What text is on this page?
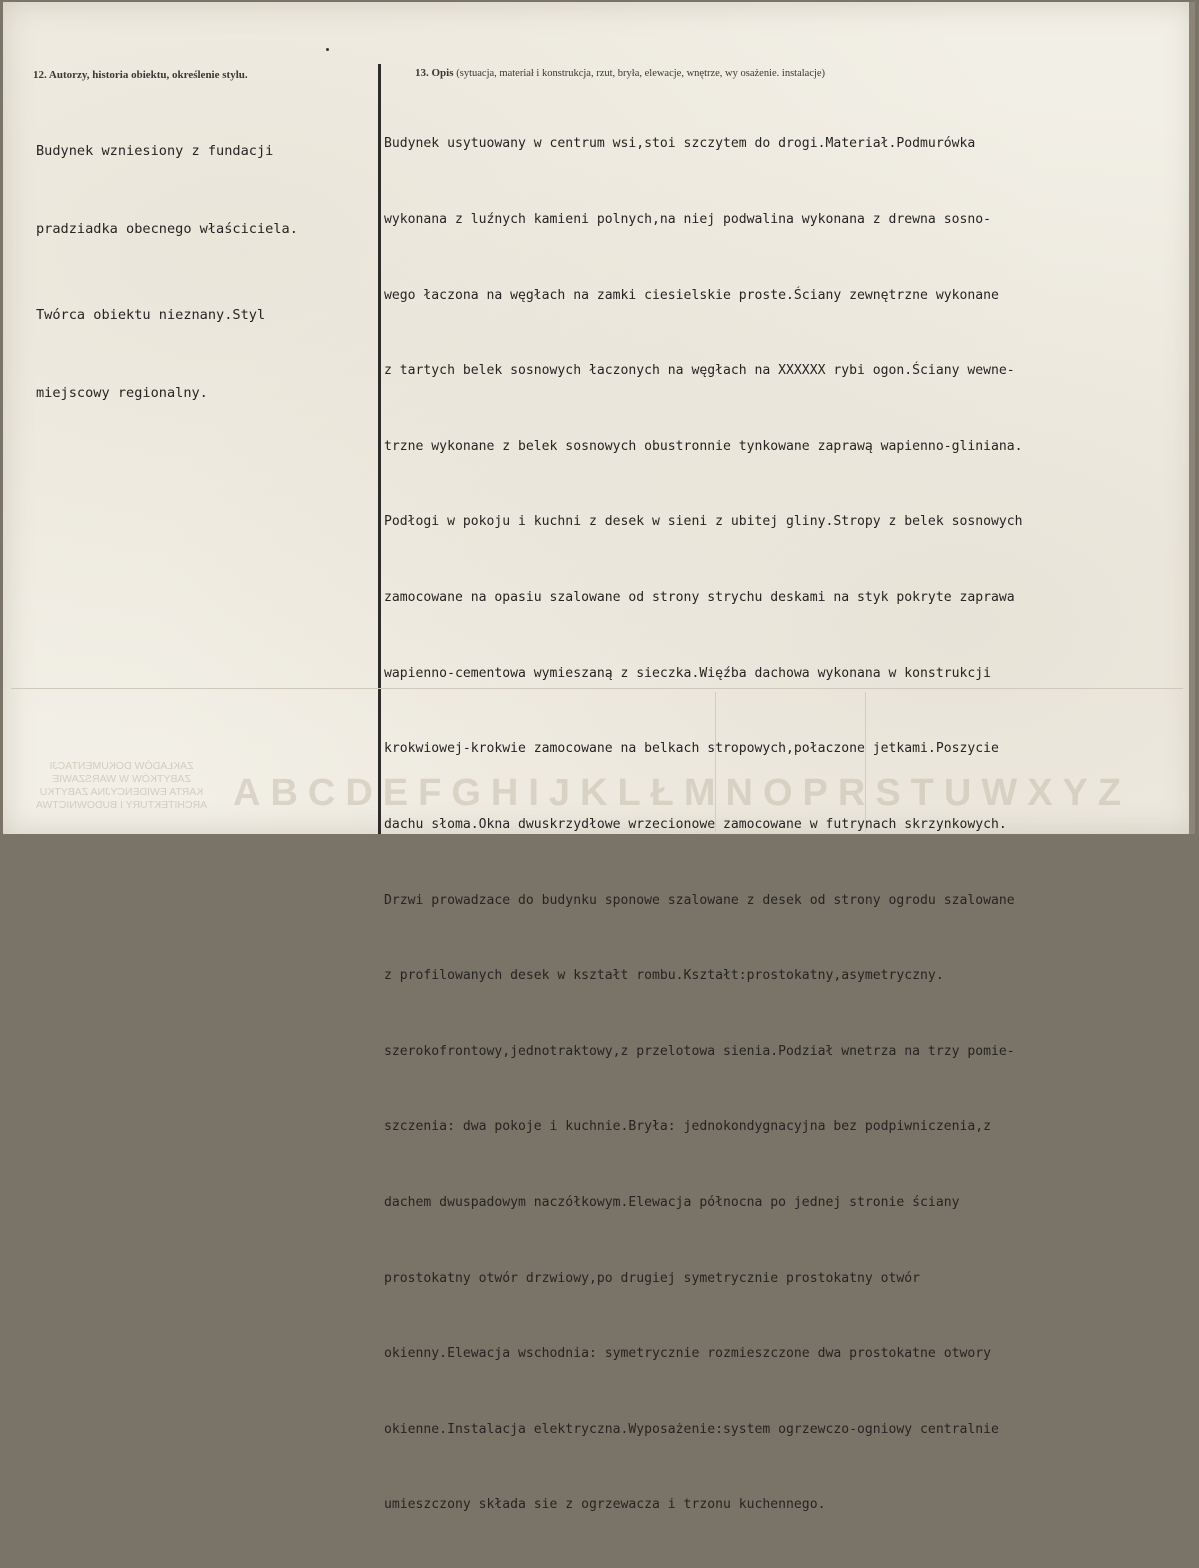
12. Autorzy, historia obiektu, określenie stylu.

Budynek wzniesiony z fundacji

pradziadka obecnego właściciela.

Twórca obiektu nieznany.Styl

miejscowy regionalny.

13. Opis (sytuacja, materiał i konstrukcja, rzut, bryła, elewacje, wnętrze, wy osażenie. instalacje)

Budynek usytuowany w centrum wsi,stoi szczytem do drogi.Materiał.Podmurówka

wykonana z luźnych kamieni polnych,na niej podwalina wykonana z drewna sosno-

wego łaczona na węgłach na zamki ciesielskie proste.Ściany zewnętrzne wykonane

z tartych belek sosnowych łaczonych na węgłach na XXXXXX rybi ogon.Ściany wewne-

trzne wykonane z belek sosnowych obustronnie tynkowane zaprawą wapienno-gliniana.

Podłogi w pokoju i kuchni z desek w sieni z ubitej gliny.Stropy z belek sosnowych

zamocowane na opasiu szalowane od strony strychu deskami na styk pokryte zaprawa

wapienno-cementowa wymieszaną z sieczka.Więźba dachowa wykonana w konstrukcji

krokwiowej-krokwie zamocowane na belkach stropowych,połaczone jetkami.Poszycie

dachu słoma.Okna dwuskrzydłowe wrzecionowe zamocowane w futrynach skrzynkowych.

Drzwi prowadzace do budynku sponowe szalowane z desek od strony ogrodu szalowane

z profilowanych desek w kształt rombu.Kształt:prostokatny,asymetryczny.

szerokofrontowy,jednotraktowy,z przelotowa sienia.Podział wnetrza na trzy pomie-

szczenia: dwa pokoje i kuchnie.Bryła: jednokondygnacyjna bez podpiwniczenia,z

dachem dwuspadowym naczółkowym.Elewacja północna po jednej stronie ściany

prostokatny otwór drzwiowy,po drugiej symetrycznie prostokatny otwór

okienny.Elewacja wschodnia: symetrycznie rozmieszczone dwa prostokatne otwory

okienne.Instalacja elektryczna.Wyposażenie:system ogrzewczo-ogniowy centralnie

umieszczony składa sie z ogrzewacza i trzonu kuchennego.

ZAKŁADÓW DOKUMENTACJI
ZABYTKÓW W WARSZAWIE
KARTA EWIDENCYJNA ZABYTKU
ARCHITEKTURY I BUDOWNICTWA ABCDEFGHIJKLŁMNOPRSTUWXYZ
